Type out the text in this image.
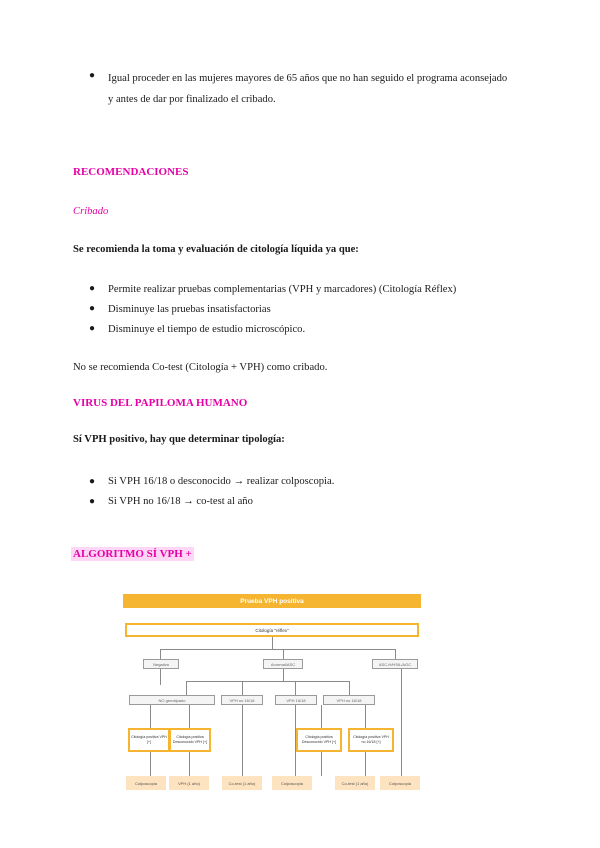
● Igual proceder en las mujeres mayores de 65 años que no han seguido el programa aconsejado
y antes de dar por finalizado el cribado.
RECOMENDACIONES
Cribado
Se recomienda la toma y evaluación de citología líquida ya que:
● Permite realizar pruebas complementarias (VPH y marcadores) (Citología Réflex)
● Disminuye las pruebas insatisfactorias
● Disminuye el tiempo de estudio microscópico.
No se recomienda Co-test (Citología + VPH) como cribado.
VIRUS DEL PAPILOMA HUMANO
Sí VPH positivo, hay que determinar tipología:
● Si VPH 16/18 o desconocido → realizar colposcopia.
● Si VPH no 16/18 → co-test al año
ALGORITMO SÍ VPH +
Prueba VPH positiva
Citología "réflex"
Negativa	Anormal/ASC	ASC-H/HSIL/AGC
NO genotipado	VPH no 16/18	VPH 16/18	VPH no 16/18
Citología positiva VPH [+]
Citología positiva Desconocido VPH [+]
Citología positiva Desconocido VPH [+]
Citología positiva VPH no 16/18 [+]
Colposcopia	VPH (1 año)	Co-test (1 año)	Colposcopia	Co-test (1 año)	Colposcopia
